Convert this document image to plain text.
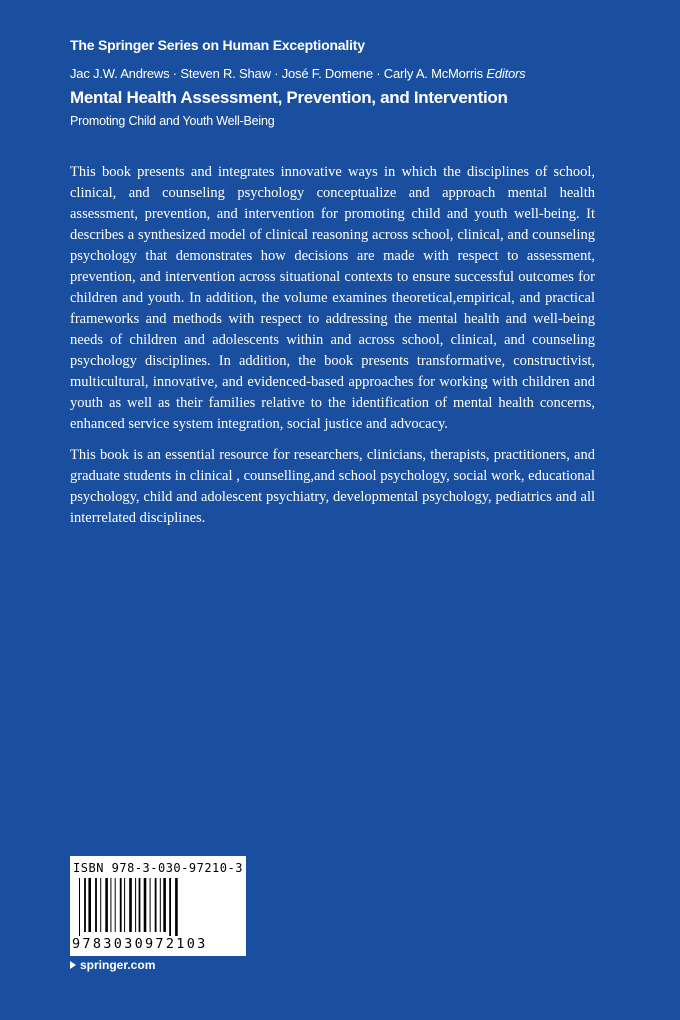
The Springer Series on Human Exceptionality
Jac J.W. Andrews · Steven R. Shaw · José F. Domene · Carly A. McMorris Editors
Mental Health Assessment, Prevention, and Intervention
Promoting Child and Youth Well-Being

This book presents and integrates innovative ways in which the disciplines of school, clinical, and counseling psychology conceptualize and approach mental health assessment, prevention, and intervention for promoting child and youth well-being. It describes a synthesized model of clinical reasoning across school, clinical, and counseling psychology that demonstrates how decisions are made with respect to assessment, prevention, and intervention across situational contexts to ensure successful outcomes for children and youth. In addition, the volume examines theoretical,empirical, and practical frameworks and methods with respect to addressing the mental health and well-being needs of children and adolescents within and across school, clinical, and counseling psychology disciplines. In addition, the book presents transformative, constructivist, multicultural, innovative, and evidenced-based approaches for working with children and youth as well as their families relative to the identification of mental health concerns, enhanced service system integration, social justice and advocacy.

This book is an essential resource for researchers, clinicians, therapists, practitioners, and graduate students in clinical , counselling,and school psychology, social work, educational psychology, child and adolescent psychiatry, developmental psychology, pediatrics and all interrelated disciplines.

ISBN 978-3-030-97210-3
9783030972103
springer.com
